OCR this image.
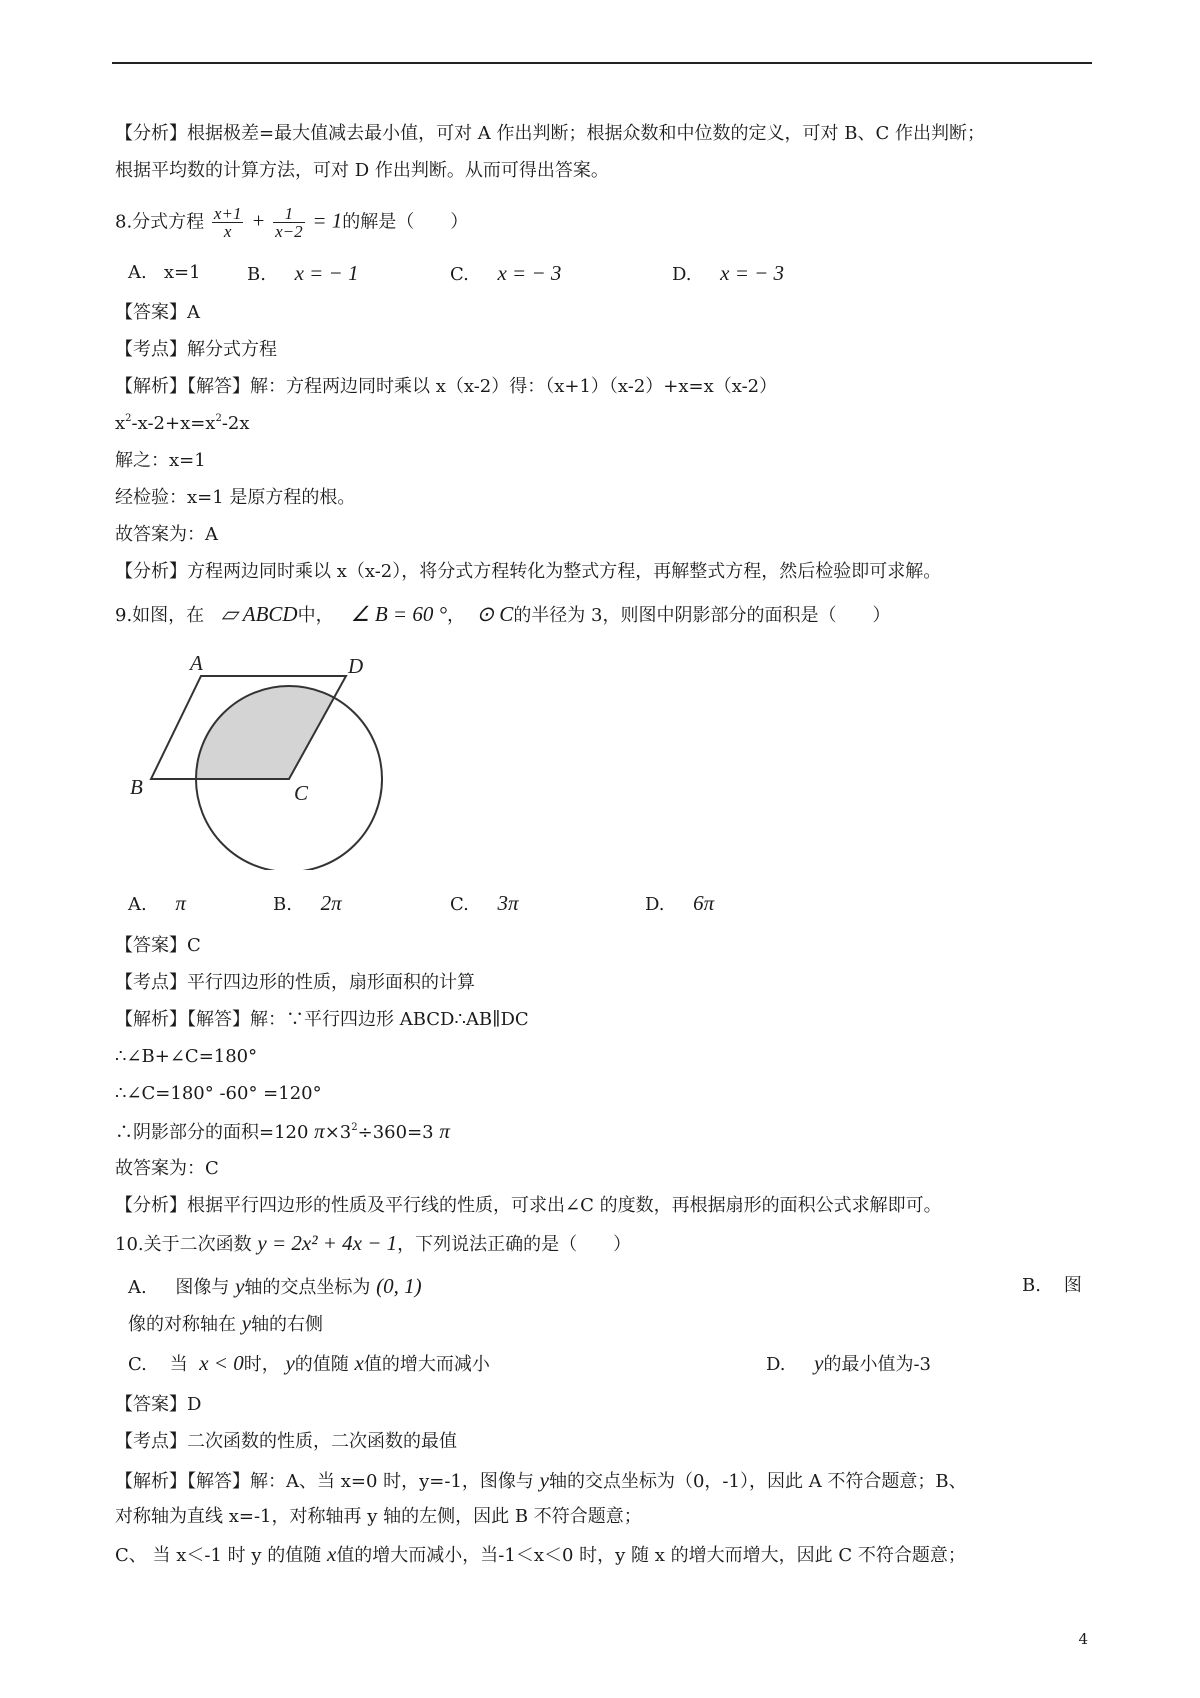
【分析】根据极差=最大值减去最小值，可对 A 作出判断；根据众数和中位数的定义，可对 B、C 作出判断；
根据平均数的计算方法，可对 D 作出判断。从而可得出答案。
8.分式方程 $\frac{x+1}{x} + \frac{1}{x-2} = 1$的解是（　　）
A. x=1	B. x = − 1	C. x = − 3	D. x = − 3
【答案】A
【考点】解分式方程
【解析】【解答】解：方程两边同时乘以 x（x-2）得：（x+1）（x-2）+x=x（x-2）
$x^2-x-2+x=x^2-2x$
解之：x=1
经检验：x=1 是原方程的根。
故答案为：A
【分析】方程两边同时乘以 x（x-2），将分式方程转化为整式方程，再解整式方程，然后检验即可求解。
9.如图，在 ▱ ABCD中， ∠ B = 60 °， ⊙ C的半径为 3，则图中阴影部分的面积是（　　）
A	D
B	C
A. π	B. 2π	C. 3π	D. 6π
【答案】C
【考点】平行四边形的性质，扇形面积的计算
【解析】【解答】解：∵平行四边形 ABCD∴AB∥DC
∴∠B+∠C=180°
∴∠C=180° -60° =120°
∴阴影部分的面积=120 $\pi\times 3^2\div 360=3$ π
故答案为：C
【分析】根据平行四边形的性质及平行线的性质，可求出∠C 的度数，再根据扇形的面积公式求解即可。
10.关于二次函数 y = 2x² + 4x − 1，下列说法正确的是（　　）
A. 图像与 y轴的交点坐标为 (0, 1)	B. 图
像的对称轴在 y轴的右侧
C. 当 x < 0时， y的值随 x值的增大而减小	D. y的最小值为-3
【答案】D
【考点】二次函数的性质，二次函数的最值
【解析】【解答】解：A、当 x=0 时，y=-1，图像与 y轴的交点坐标为（0，-1），因此 A 不符合题意；B、
对称轴为直线 x=-1，对称轴再 y 轴的左侧，因此 B 不符合题意；
C、 当 x＜-1 时 y 的值随 x值的增大而减小，当-1＜x＜0 时，y 随 x 的增大而增大，因此 C 不符合题意；
4
